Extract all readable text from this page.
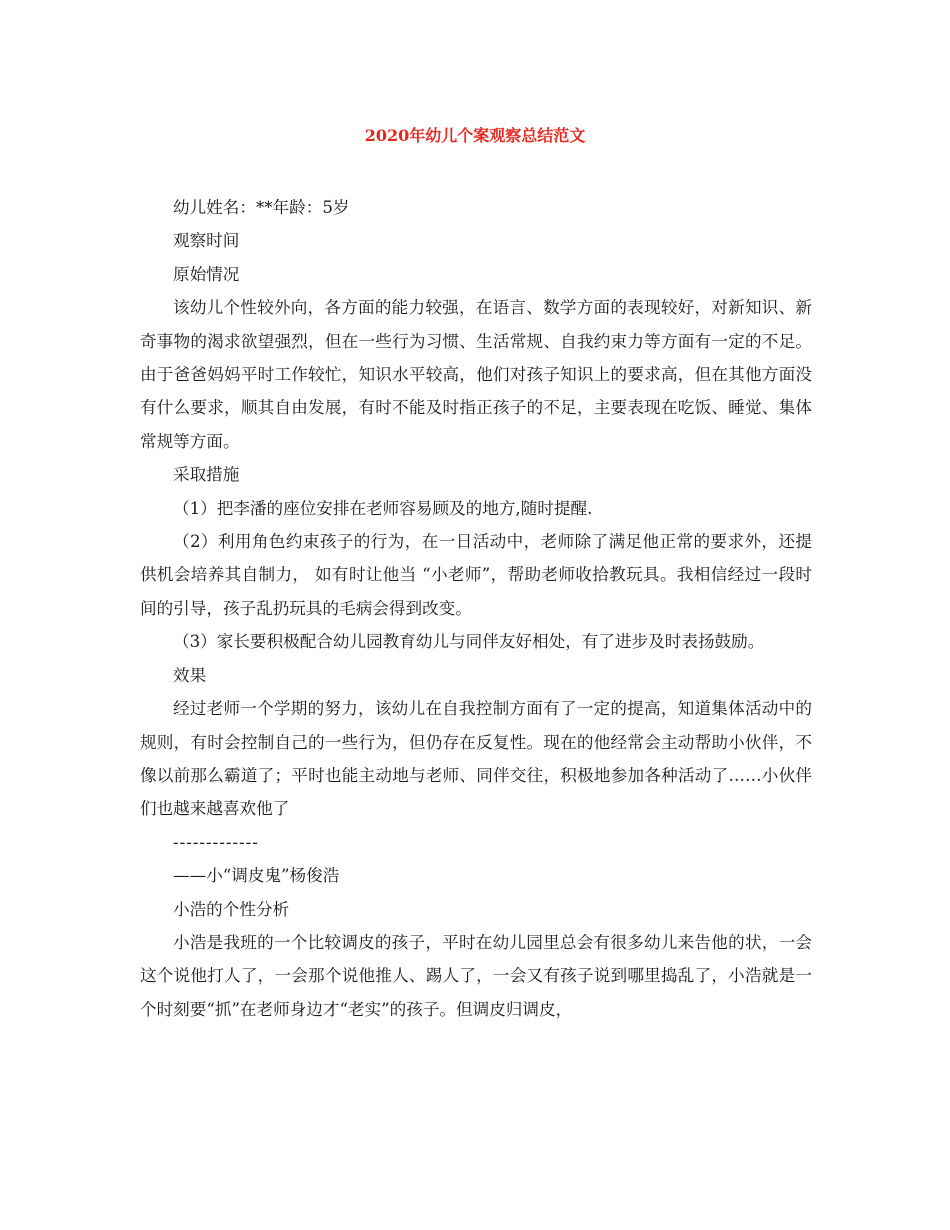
2020年幼儿个案观察总结范文

幼儿姓名：**年龄：5岁

观察时间

原始情况

该幼儿个性较外向，各方面的能力较强，在语言、数学方面的表现较好，对新知识、新奇事物的渴求欲望强烈，但在一些行为习惯、生活常规、自我约束力等方面有一定的不足。由于爸爸妈妈平时工作较忙，知识水平较高，他们对孩子知识上的要求高，但在其他方面没有什么要求，顺其自由发展，有时不能及时指正孩子的不足，主要表现在吃饭、睡觉、集体常规等方面。

采取措施

（1）把李潘的座位安排在老师容易顾及的地方,随时提醒.

（2）利用角色约束孩子的行为，在一日活动中，老师除了满足他正常的要求外，还提供机会培养其自制力， 如有时让他当 “小老师”，帮助老师收拾教玩具。我相信经过一段时间的引导，孩子乱扔玩具的毛病会得到改变。

（3）家长要积极配合幼儿园教育幼儿与同伴友好相处，有了进步及时表扬鼓励。

效果

经过老师一个学期的努力，该幼儿在自我控制方面有了一定的提高，知道集体活动中的规则，有时会控制自己的一些行为，但仍存在反复性。现在的他经常会主动帮助小伙伴，不像以前那么霸道了；平时也能主动地与老师、同伴交往，积极地参加各种活动了……小伙伴们也越来越喜欢他了

-------------

——小“调皮鬼”杨俊浩

小浩的个性分析

小浩是我班的一个比较调皮的孩子，平时在幼儿园里总会有很多幼儿来告他的状，一会这个说他打人了，一会那个说他推人、踢人了，一会又有孩子说到哪里捣乱了，小浩就是一个时刻要“抓”在老师身边才“老实”的孩子。但调皮归调皮，
